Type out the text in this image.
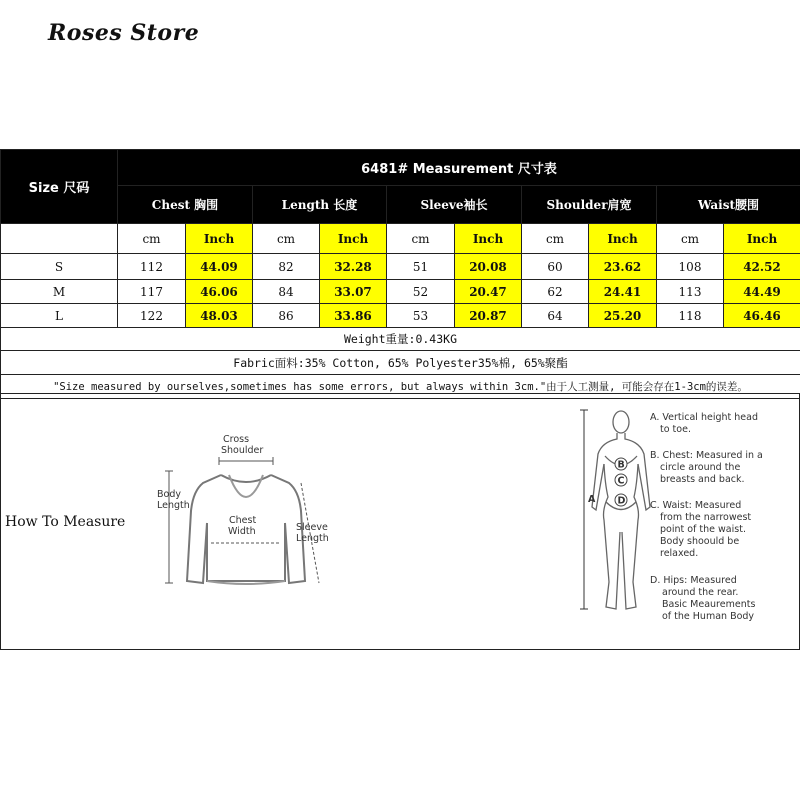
Roses Store
Size 尺码	6481# Measurement 尺寸表									
	Chest 胸围		Length 长度		Sleeve袖长		Shoulder肩宽		Waist腰围	
	cm	Inch	cm	Inch	cm	Inch	cm	Inch	cm	Inch
S	112	44.09	82	32.28	51	20.08	60	23.62	108	42.52
M	117	46.06	84	33.07	52	20.47	62	24.41	113	44.49
L	122	48.03	86	33.86	53	20.87	64	25.20	118	46.46
Weight重量:0.43KG										
Fabric面料:35% Cotton, 65% Polyester35%棉, 65%聚酯										
"Size measured by ourselves,sometimes has some errors, but always within 3cm."由于人工测量, 可能会存在1-3cm的误差。										
How To Measure
Cross
Shoulder
Body
Length
Chest
Width	Sleeve
Length
A
B
C
D
A. Vertical height head
to toe.
B. Chest: Measured in a
circle around the
breasts and back.
C. Waist: Measured
from the narrowest
point of the waist.
Body shoould be
relaxed.
D. Hips: Measured
around the rear.
Basic Meaurements
of the Human Body
